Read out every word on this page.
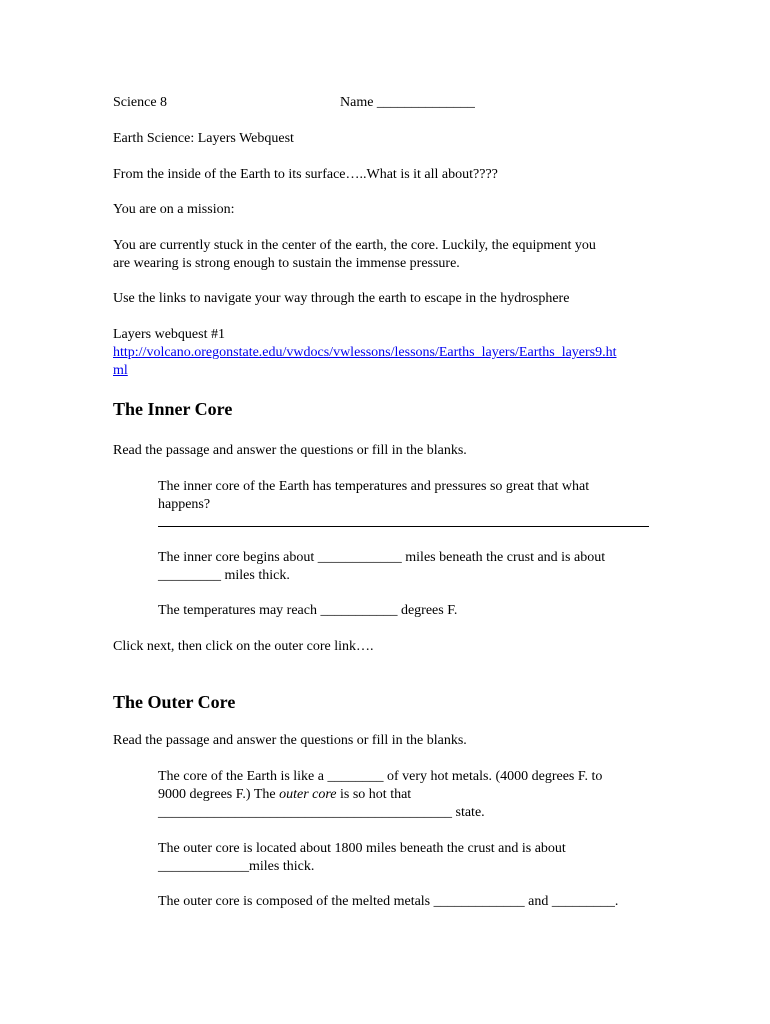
Science 8	Name ______________
Earth Science: Layers Webquest
From the inside of the Earth to its surface…..What is it all about????
You are on a mission:
You are currently stuck in the center of the earth, the core. Luckily, the equipment you
are wearing is strong enough to sustain the immense pressure.
Use the links to navigate your way through the earth to escape in the hydrosphere
Layers webquest #1
http://volcano.oregonstate.edu/vwdocs/vwlessons/lessons/Earths_layers/Earths_layers9.ht
ml
The Inner Core
Read the passage and answer the questions or fill in the blanks.
The inner core of the Earth has temperatures and pressures so great that what
happens?
The inner core begins about ____________ miles beneath the crust and is about
_________ miles thick.
The temperatures may reach ___________ degrees F.
Click next, then click on the outer core link….
The Outer Core
Read the passage and answer the questions or fill in the blanks.
The core of the Earth is like a ________ of very hot metals. (4000 degrees F. to
9000 degrees F.) The outer core is so hot that
__________________________________________ state.
The outer core is located about 1800 miles beneath the crust and is about
_____________miles thick.
The outer core is composed of the melted metals _____________ and _________.
